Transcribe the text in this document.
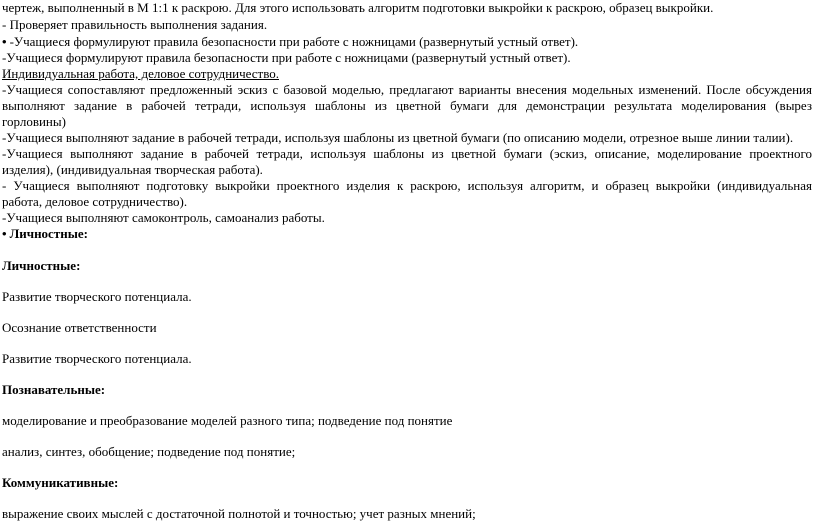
чертеж, выполненный в М 1:1 к раскрою. Для этого использовать алгоритм подготовки выкройки к раскрою, образец выкройки.
- Проверяет правильность выполнения задания.
• -Учащиеся формулируют правила безопасности при работе с ножницами (развернутый устный ответ).
-Учащиеся формулируют правила безопасности при работе с ножницами (развернутый устный ответ).
Индивидуальная работа, деловое сотрудничество.
-Учащиеся сопоставляют предложенный эскиз с базовой моделью, предлагают варианты внесения модельных изменений. После обсуждения
выполняют задание в рабочей тетради, используя шаблоны из цветной бумаги для демонстрации результата моделирования (вырез
горловины)
-Учащиеся выполняют задание в рабочей тетради, используя шаблоны из цветной бумаги (по описанию модели, отрезное выше линии талии).
-Учащиеся выполняют задание в рабочей тетради, используя шаблоны из цветной бумаги (эскиз, описание, моделирование проектного
изделия), (индивидуальная творческая работа).
- Учащиеся выполняют подготовку выкройки проектного изделия к раскрою, используя алгоритм, и образец выкройки (индивидуальная
работа, деловое сотрудничество).
-Учащиеся выполняют самоконтроль, самоанализ работы.
• Личностные:
Личностные:
Развитие творческого потенциала.
Осознание ответственности
Развитие творческого потенциала.
Познавательные:
моделирование и преобразование моделей разного типа; подведение под понятие
анализ, синтез, обобщение; подведение под понятие;
Коммуникативные:
выражение своих мыслей с достаточной полнотой и точностью; учет разных мнений;
